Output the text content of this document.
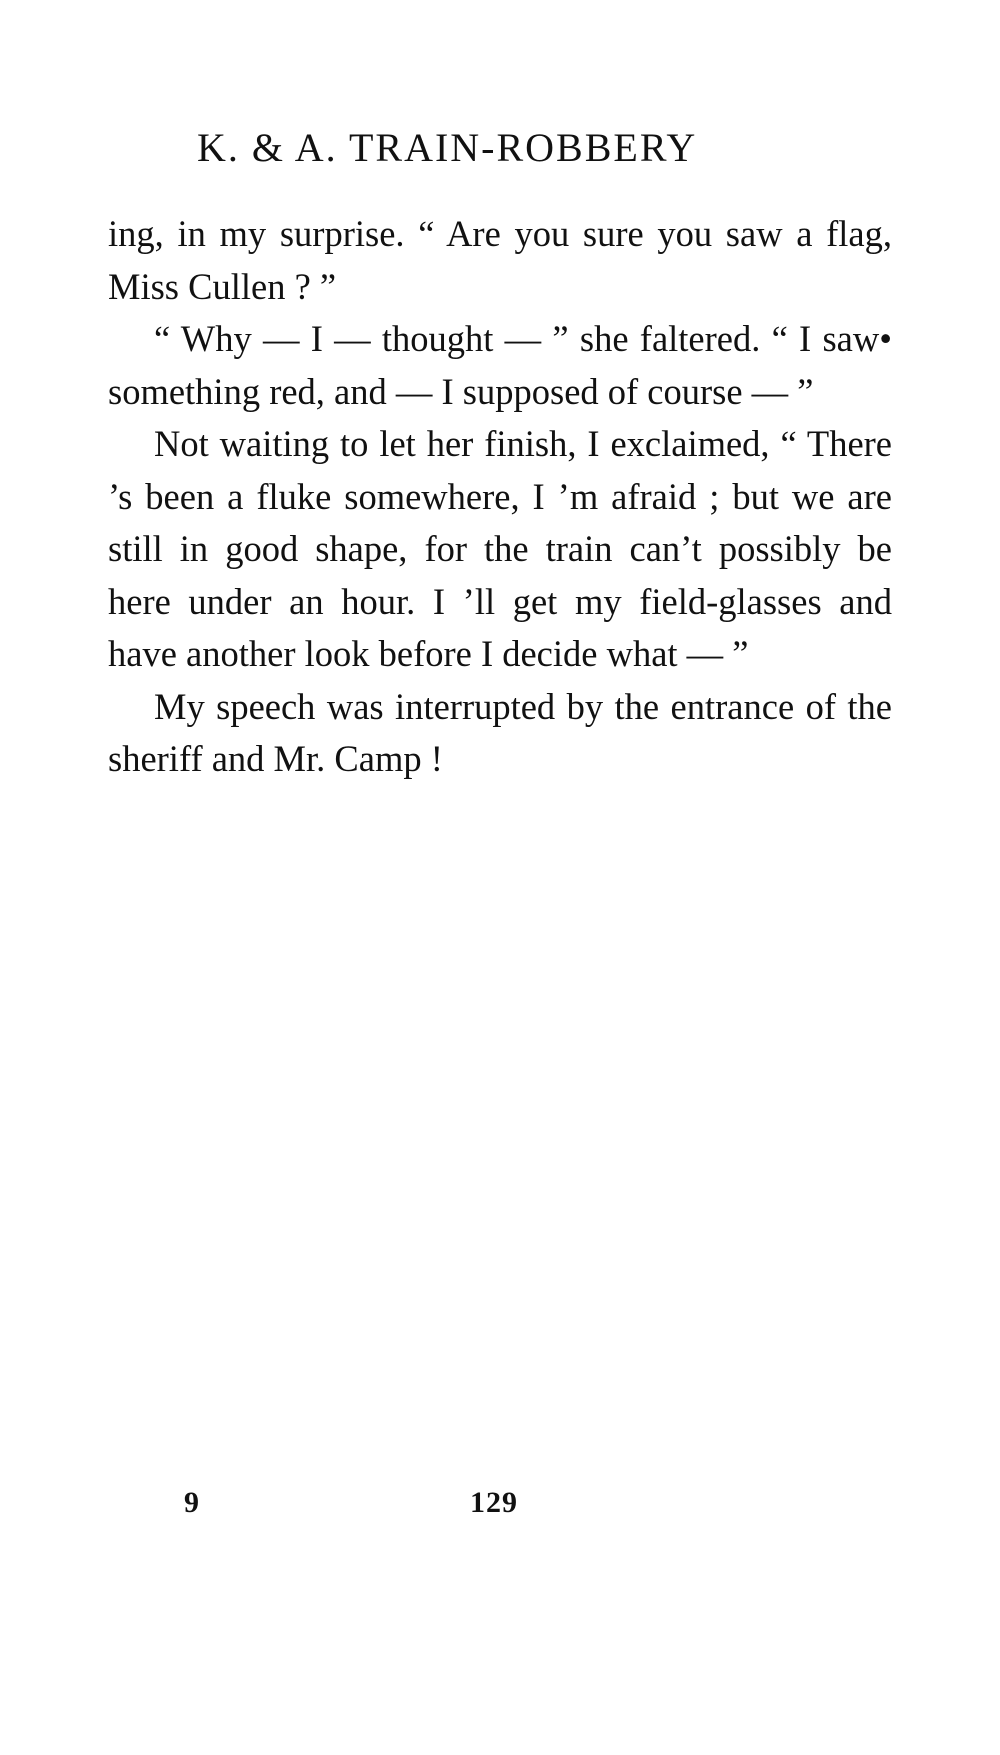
K. & A. TRAIN-ROBBERY

ing, in my surprise. “ Are you sure you saw a flag, Miss Cullen ? ”

“ Why — I — thought — ” she faltered. “ I saw• something red, and — I supposed of course — ”

Not waiting to let her finish, I exclaimed, “ There ’s been a fluke somewhere, I ’m afraid ; but we are still in good shape, for the train can’t possibly be here under an hour. I ’ll get my field-glasses and have another look before I decide what — ”

My speech was interrupted by the entrance of the sheriff and Mr. Camp !

9	129
